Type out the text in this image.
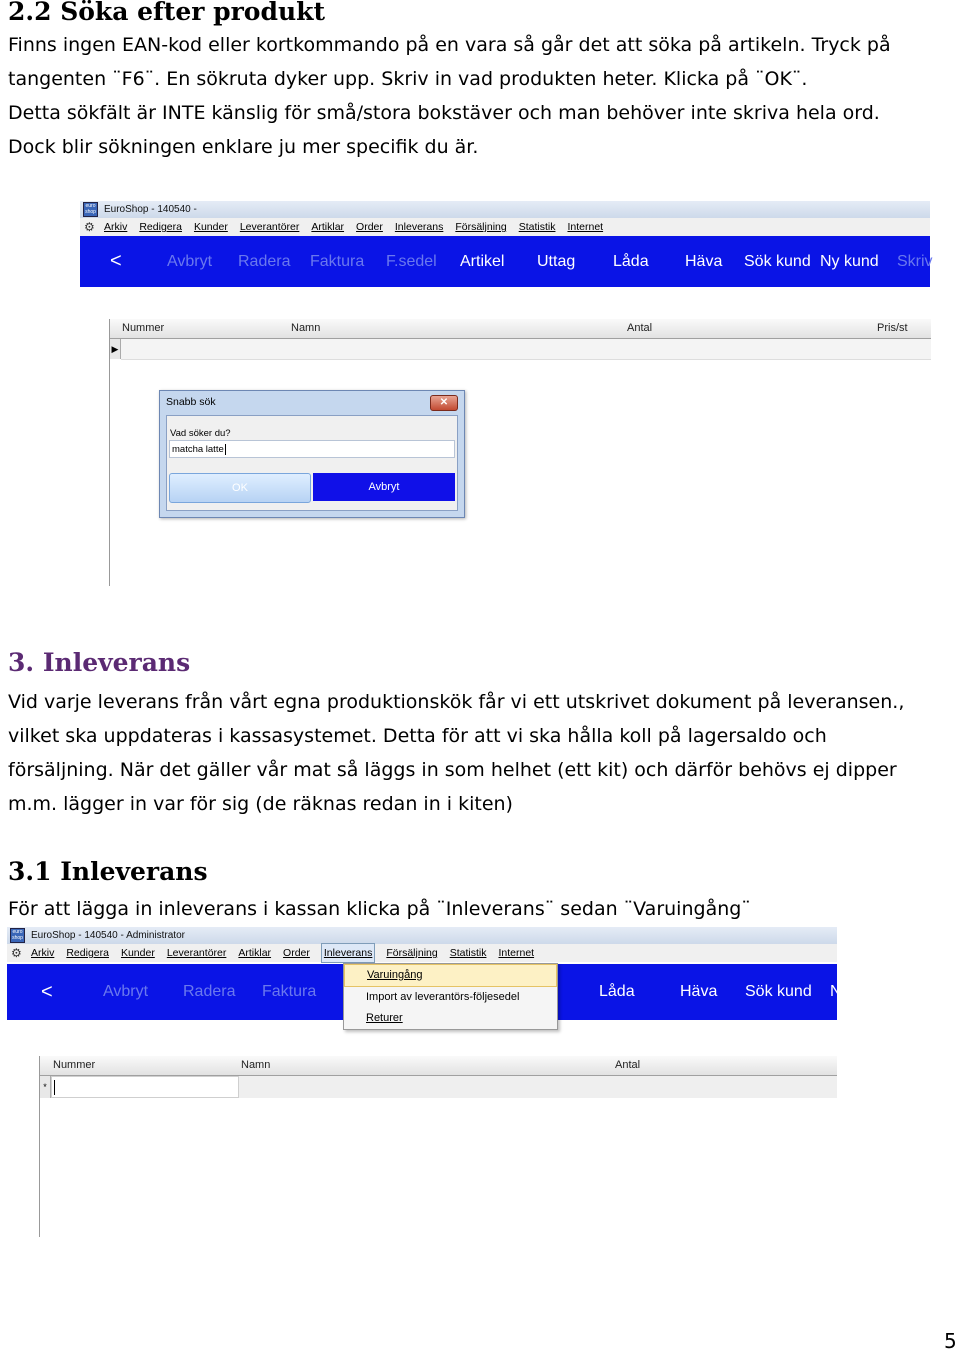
2.2 Söka efter produkt
Finns ingen EAN-kod eller kortkommando på en vara så går det att söka på artikeln. Tryck på
tangenten ¨F6¨. En sökruta dyker upp. Skriv in vad produkten heter. Klicka på ¨OK¨.
Detta sökfält är INTE känslig för små/stora bokstäver och man behöver inte skriva hela ord.
Dock blir sökningen enklare ju mer specifik du är.
euro shop EuroShop - 140540 -
⚙ Arkiv Redigera Kunder Leverantörer Artiklar Order Inleverans Försäljning Statistik Internet
<	Avbryt Radera Faktura F.sedel Artikel Uttag Låda Häva Sök kund Ny kund Skriv
Nummer	Namn	Antal	Pris/st
▶
Snabb sök	✕
Vad söker du?
matcha latte
OK	Avbryt
3. Inleverans
Vid varje leverans från vårt egna produktionskök får vi ett utskrivet dokument på leveransen.,
vilket ska uppdateras i kassasystemet. Detta för att vi ska hålla koll på lagersaldo och
försäljning. När det gäller vår mat så läggs in som helhet (ett kit) och därför behövs ej dipper
m.m. lägger in var för sig (de räknas redan in i kiten)
3.1 Inleverans
För att lägga in inleverans i kassan klicka på ¨Inleverans¨ sedan ¨Varuingång¨
euro shop EuroShop - 140540 - Administrator
⚙ Arkiv Redigera Kunder Leverantörer Artiklar Order Inleverans Försäljning Statistik Internet
<	Avbryt Radera Faktura	Låda	Häva Sök kund N
Varuingång
Import av leverantörs-följesedel
Returer
Nummer	Namn	Antal
*
5
